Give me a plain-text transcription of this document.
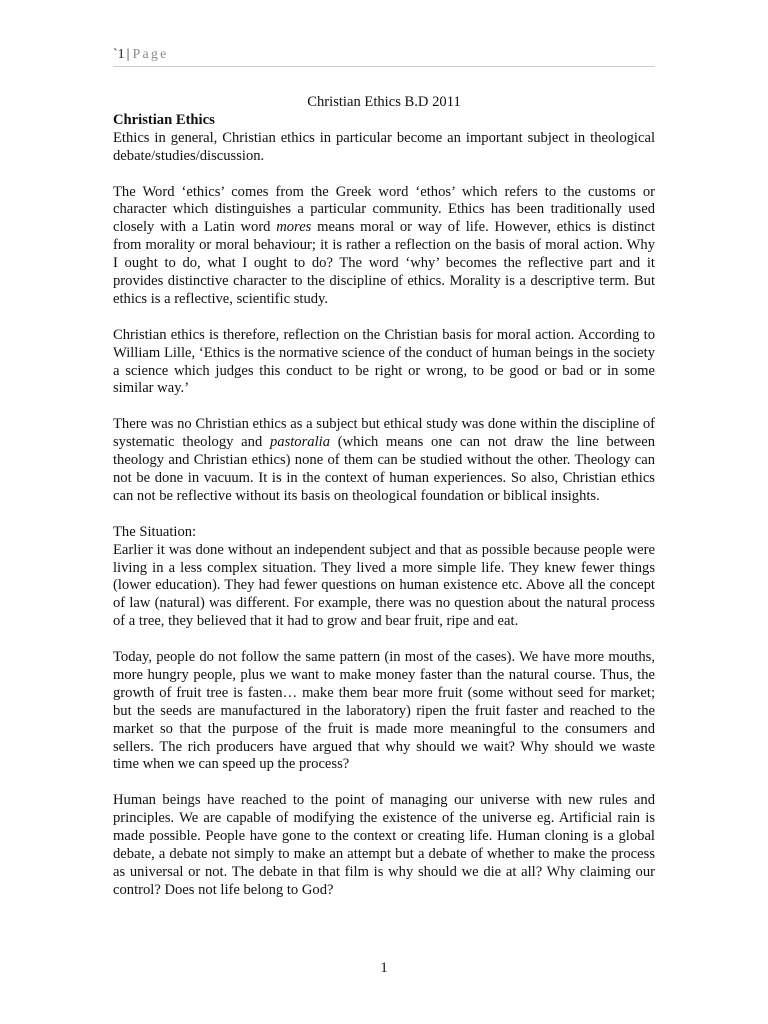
`1 | Page
Christian Ethics B.D 2011
Christian Ethics

Ethics in general, Christian ethics in particular become an important subject in theological debate/studies/discussion.

The Word ‘ethics’ comes from the Greek word ‘ethos’ which refers to the customs or character which distinguishes a particular community. Ethics has been traditionally used closely with a Latin word mores means moral or way of life. However, ethics is distinct from morality or moral behaviour; it is rather a reflection on the basis of moral action. Why I ought to do, what I ought to do? The word ‘why’ becomes the reflective part and it provides distinctive character to the discipline of ethics. Morality is a descriptive term. But ethics is a reflective, scientific study.

Christian ethics is therefore, reflection on the Christian basis for moral action. According to William Lille, ‘Ethics is the normative science of the conduct of human beings in the society a science which judges this conduct to be right or wrong, to be good or bad or in some similar way.’

There was no Christian ethics as a subject but ethical study was done within the discipline of systematic theology and pastoralia (which means one can not draw the line between theology and Christian ethics) none of them can be studied without the other. Theology can not be done in vacuum. It is in the context of human experiences. So also, Christian ethics can not be reflective without its basis on theological foundation or biblical insights.

The Situation:

Earlier it was done without an independent subject and that as possible because people were living in a less complex situation. They lived a more simple life. They knew fewer things (lower education). They had fewer questions on human existence etc. Above all the concept of law (natural) was different. For example, there was no question about the natural process of a tree, they believed that it had to grow and bear fruit, ripe and eat.

Today, people do not follow the same pattern (in most of the cases). We have more mouths, more hungry people, plus we want to make money faster than the natural course. Thus, the growth of fruit tree is fasten… make them bear more fruit (some without seed for market; but the seeds are manufactured in the laboratory) ripen the fruit faster and reached to the market so that the purpose of the fruit is made more meaningful to the consumers and sellers. The rich producers have argued that why should we wait? Why should we waste time when we can speed up the process?

Human beings have reached to the point of managing our universe with new rules and principles. We are capable of modifying the existence of the universe eg. Artificial rain is made possible. People have gone to the context or creating life. Human cloning is a global debate, a debate not simply to make an attempt but a debate of whether to make the process as universal or not. The debate in that film is why should we die at all? Why claiming our control? Does not life belong to God?

1
